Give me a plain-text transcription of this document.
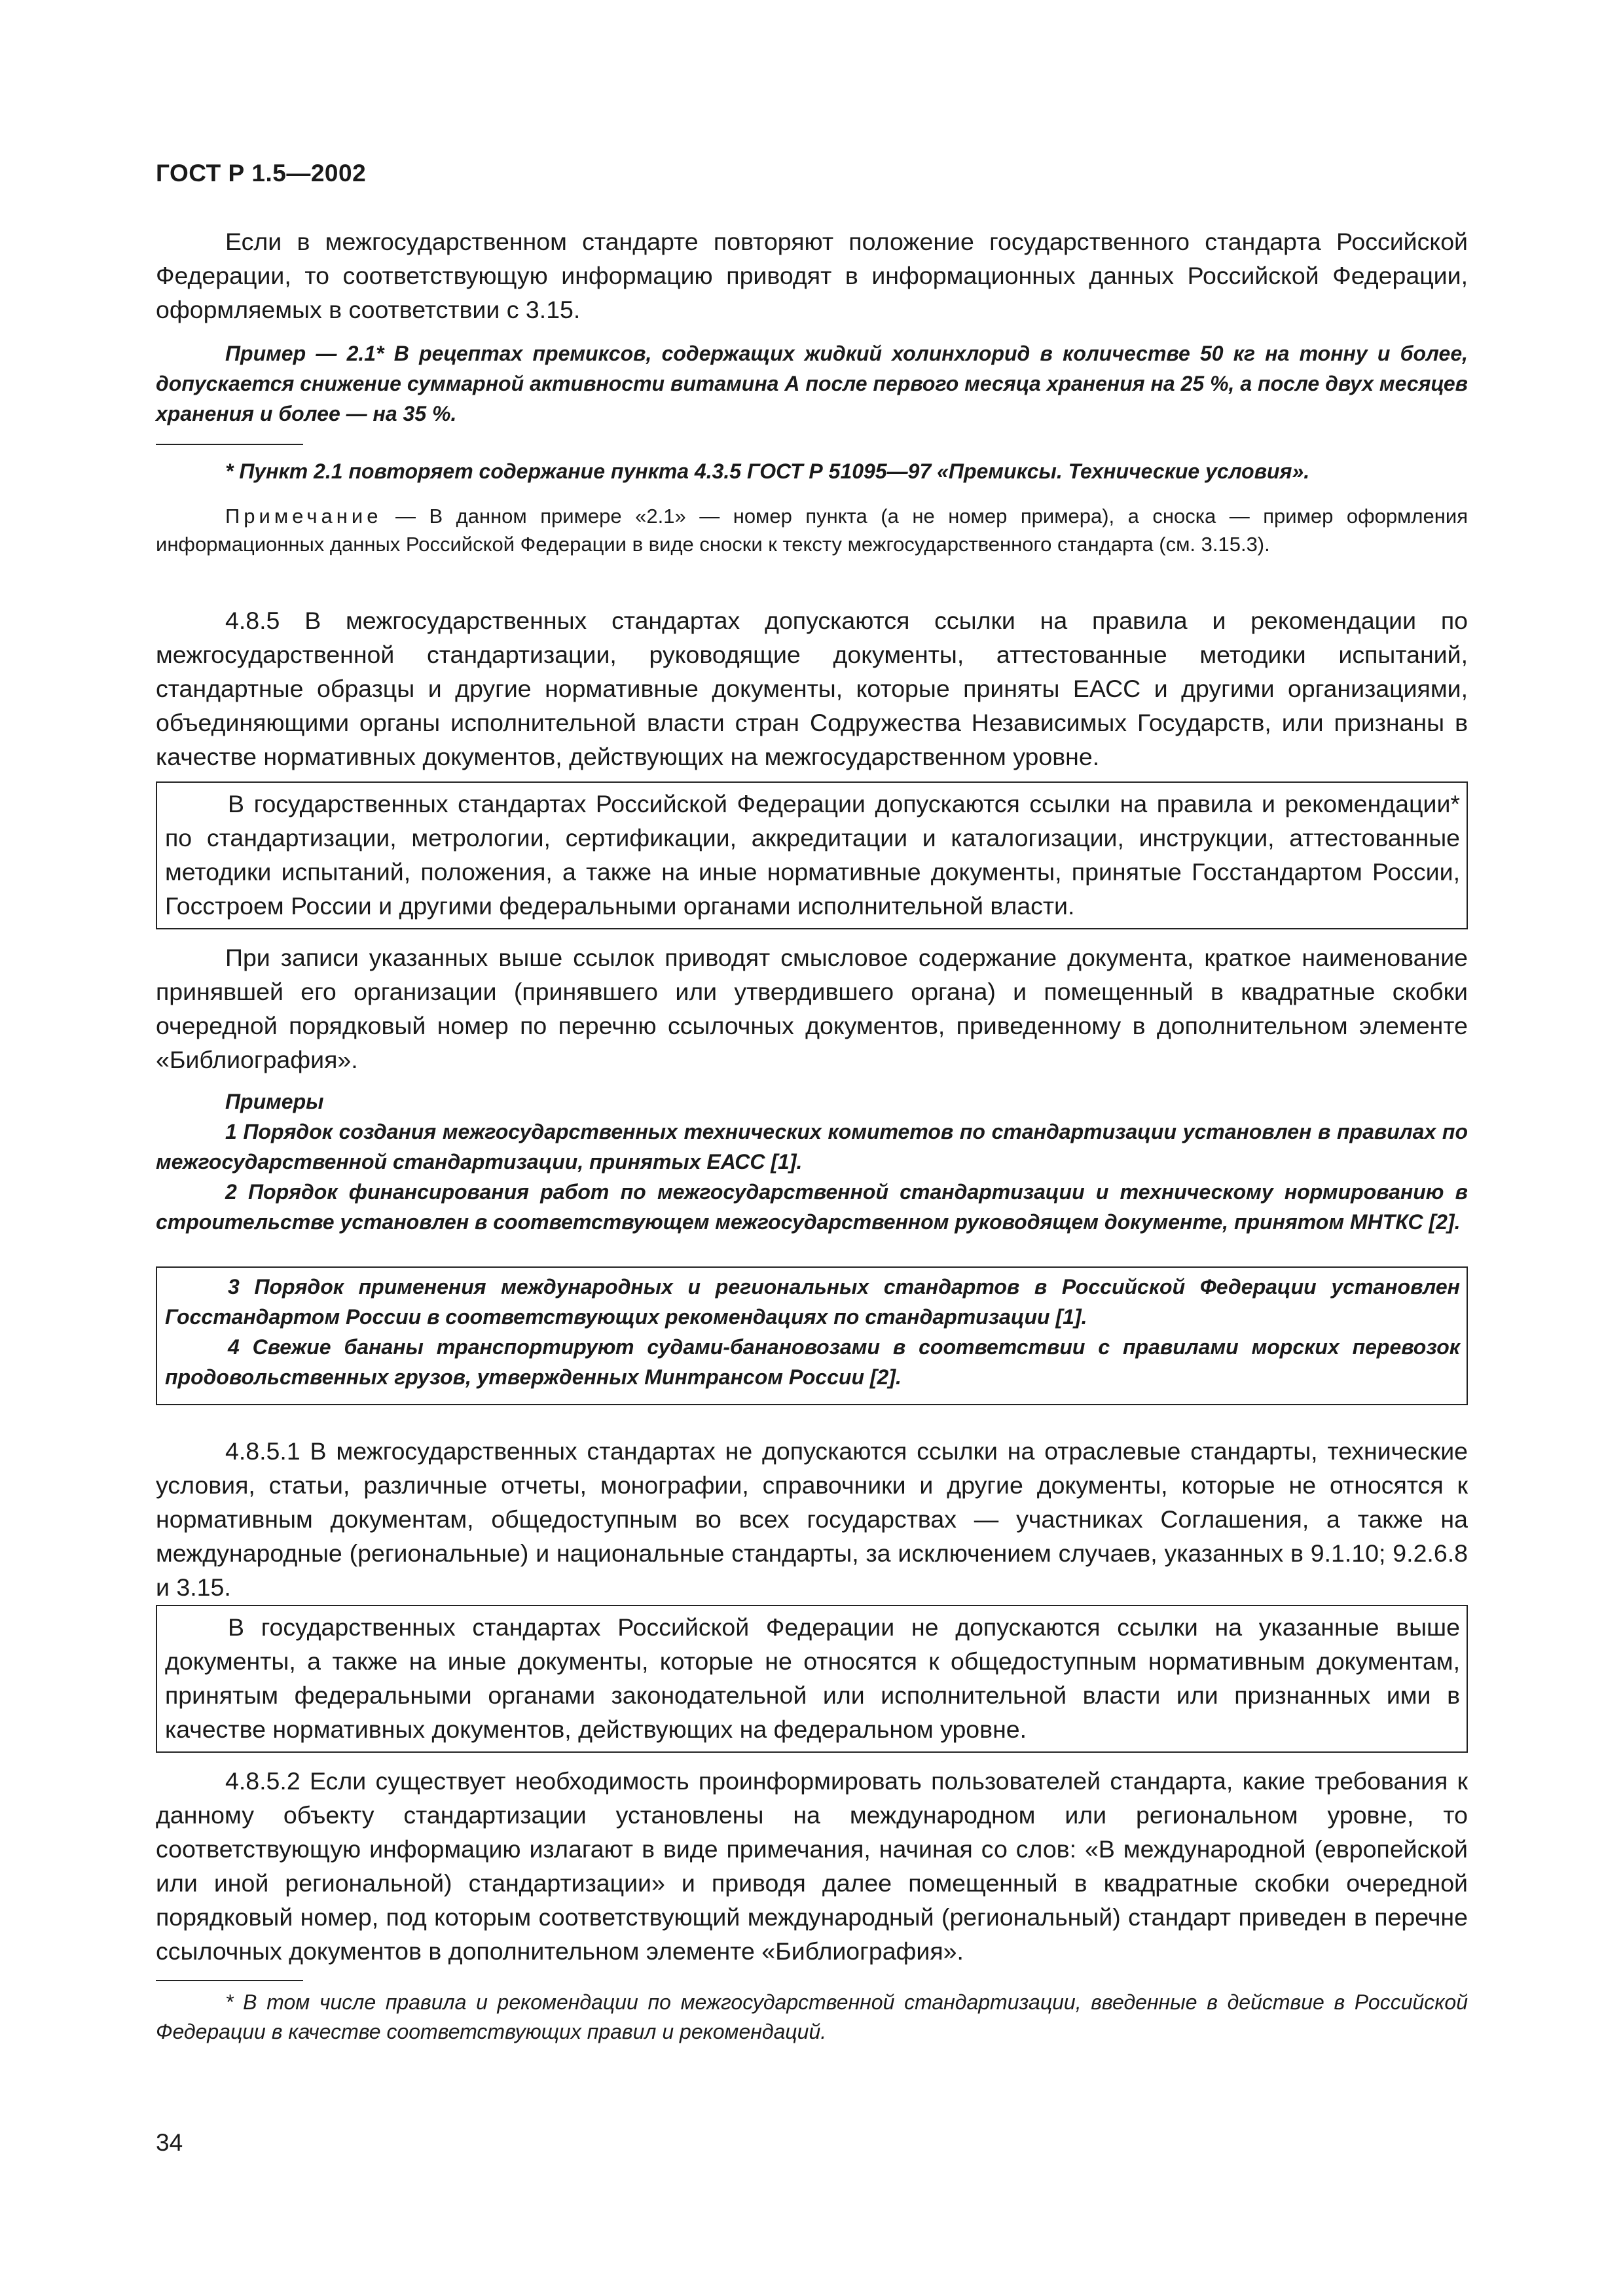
ГОСТ Р 1.5—2002

Если в межгосударственном стандарте повторяют положение государственного стандарта Российской Федерации, то соответствующую информацию приводят в информационных данных Российской Федерации, оформляемых в соответствии с 3.15.

Пример — 2.1* В рецептах премиксов, содержащих жидкий холинхлорид в количестве 50 кг на тонну и более, допускается снижение суммарной активности витамина А после первого месяца хранения на 25 %, а после двух месяцев хранения и более — на 35 %.

* Пункт 2.1 повторяет содержание пункта 4.3.5 ГОСТ Р 51095—97 «Премиксы. Технические условия».

Примечание — В данном примере «2.1» — номер пункта (а не номер примера), а сноска — пример оформления информационных данных Российской Федерации в виде сноски к тексту межгосударственного стандарта (см. 3.15.3).

4.8.5 В межгосударственных стандартах допускаются ссылки на правила и рекомендации по межгосударственной стандартизации, руководящие документы, аттестованные методики испытаний, стандартные образцы и другие нормативные документы, которые приняты ЕАСС и другими организациями, объединяющими органы исполнительной власти стран Содружества Независимых Государств, или признаны в качестве нормативных документов, действующих на межгосударственном уровне.

В государственных стандартах Российской Федерации допускаются ссылки на правила и рекомендации* по стандартизации, метрологии, сертификации, аккредитации и каталогизации, инструкции, аттестованные методики испытаний, положения, а также на иные нормативные документы, принятые Госстандартом России, Госстроем России и другими федеральными органами исполнительной власти.

При записи указанных выше ссылок приводят смысловое содержание документа, краткое наименование принявшей его организации (принявшего или утвердившего органа) и помещенный в квадратные скобки очередной порядковый номер по перечню ссылочных документов, приведенному в дополнительном элементе «Библиография».

Примеры

1 Порядок создания межгосударственных технических комитетов по стандартизации установлен в правилах по межгосударственной стандартизации, принятых ЕАСС [1].

2 Порядок финансирования работ по межгосударственной стандартизации и техническому нормированию в строительстве установлен в соответствующем межгосударственном руководящем документе, принятом МНТКС [2].

3 Порядок применения международных и региональных стандартов в Российской Федерации установлен Госстандартом России в соответствующих рекомендациях по стандартизации [1].

4 Свежие бананы транспортируют судами-банановозами в соответствии с правилами морских перевозок продовольственных грузов, утвержденных Минтрансом России [2].

4.8.5.1 В межгосударственных стандартах не допускаются ссылки на отраслевые стандарты, технические условия, статьи, различные отчеты, монографии, справочники и другие документы, которые не относятся к нормативным документам, общедоступным во всех государствах — участниках Соглашения, а также на международные (региональные) и национальные стандарты, за исключением случаев, указанных в 9.1.10; 9.2.6.8 и 3.15.

В государственных стандартах Российской Федерации не допускаются ссылки на указанные выше документы, а также на иные документы, которые не относятся к общедоступным нормативным документам, принятым федеральными органами законодательной или исполнительной власти или признанных ими в качестве нормативных документов, действующих на федеральном уровне.

4.8.5.2 Если существует необходимость проинформировать пользователей стандарта, какие требования к данному объекту стандартизации установлены на международном или региональном уровне, то соответствующую информацию излагают в виде примечания, начиная со слов: «В международной (европейской или иной региональной) стандартизации» и приводя далее помещенный в квадратные скобки очередной порядковый номер, под которым соответствующий международный (региональный) стандарт приведен в перечне ссылочных документов в дополнительном элементе «Библиография».

* В том числе правила и рекомендации по межгосударственной стандартизации, введенные в действие в Российской Федерации в качестве соответствующих правил и рекомендаций.

34
